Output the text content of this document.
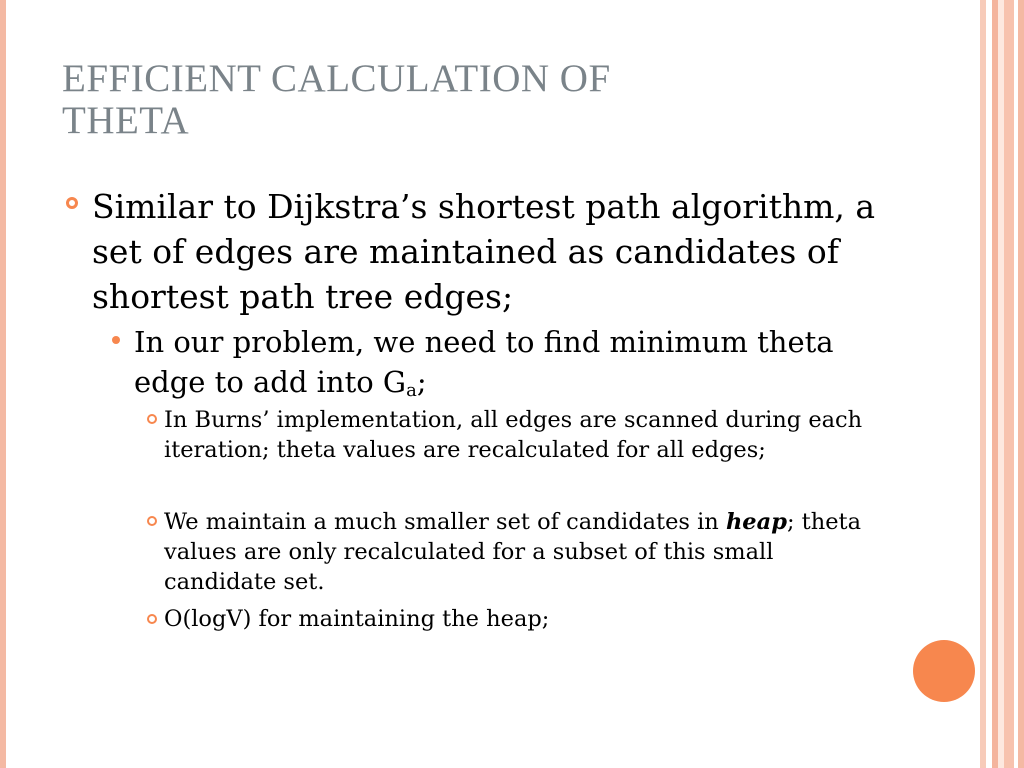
EFFICIENT CALCULATION OF
THETA
Similar to Dijkstra’s shortest path algorithm, a set of edges are maintained as candidates of shortest path tree edges;
In our problem, we need to find minimum theta edge to add into $G_a$;
In Burns’ implementation, all edges are scanned during each iteration; theta values are recalculated for all edges;
We maintain a much smaller set of candidates in heap; theta values are only recalculated for a subset of this small candidate set.
O(logV) for maintaining the heap;
